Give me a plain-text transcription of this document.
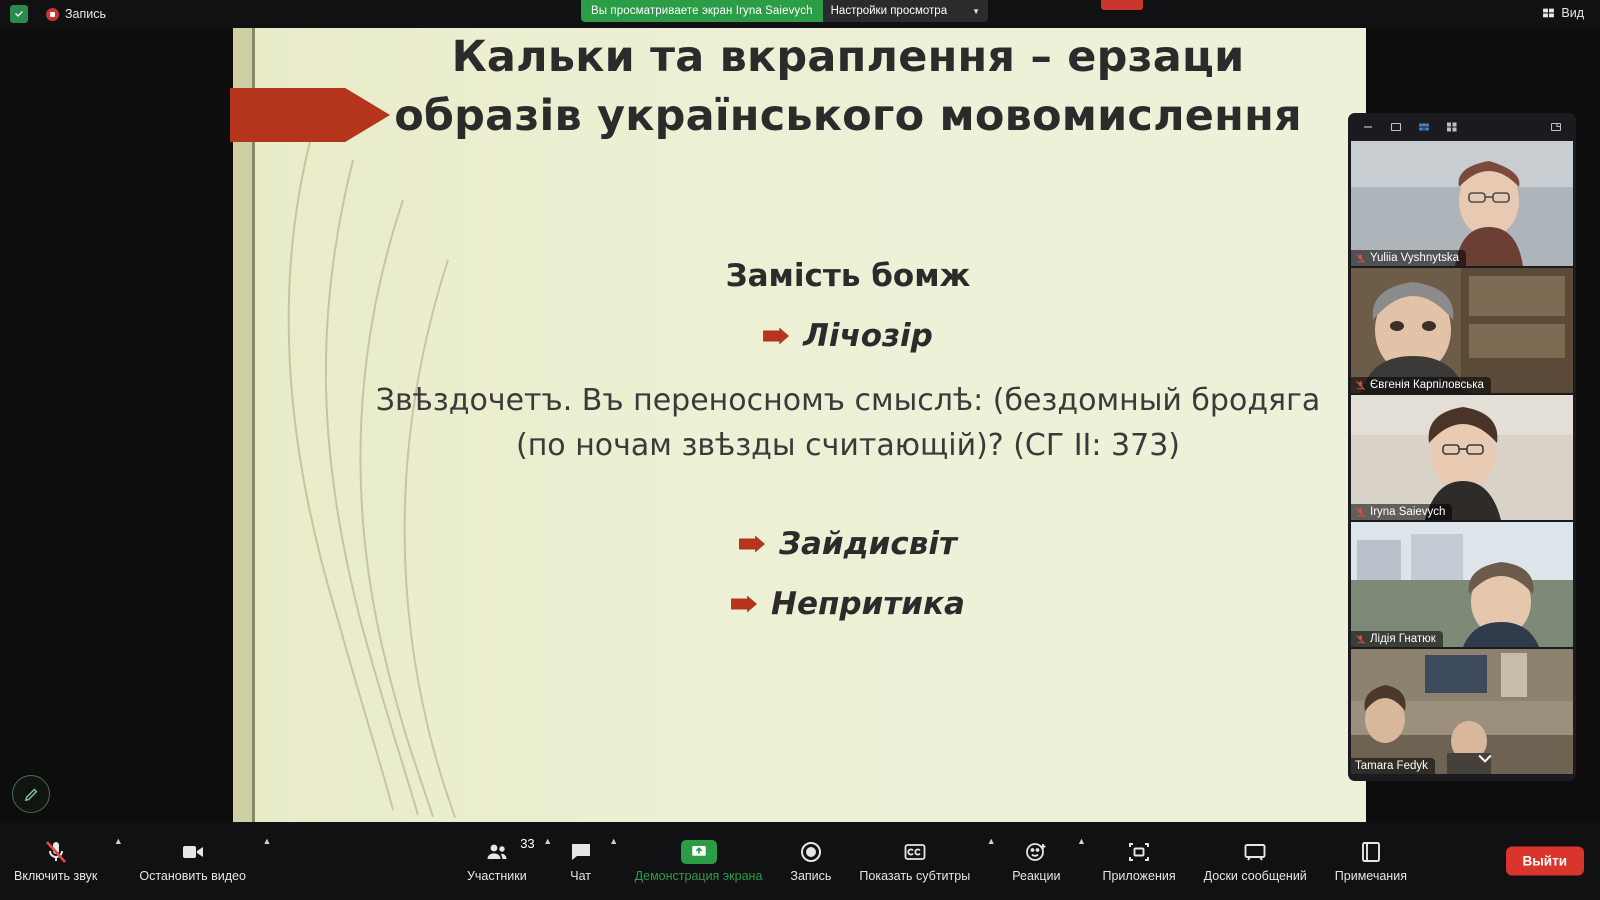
Запись	Вид
Вы просматриваете экран Iryna Saievych	Настройки просмотра	▼
Кальки та вкраплення – ерзаци образів українського мовомислення
Замість бомж
Лічозір
Звѣздочетъ. Въ переносномъ смыслѣ: (бездомный бродяга (по ночам звѣзды считающій)? (СГ ІІ: 373)
Зайдисвіт
Непритика
Yuliia Vyshnytska
Євгенія Карпіловська
Iryna Saievych
Лідія Гнатюк
Tamara Fedyk
Включить звук
▲
Остановить видео
▲	33
Участники
▲
Чат
▲
Демонстрация экрана Запись Показать субтитры
▲
Реакции
▲
Приложения Доски сообщений Примечания
Выйти
